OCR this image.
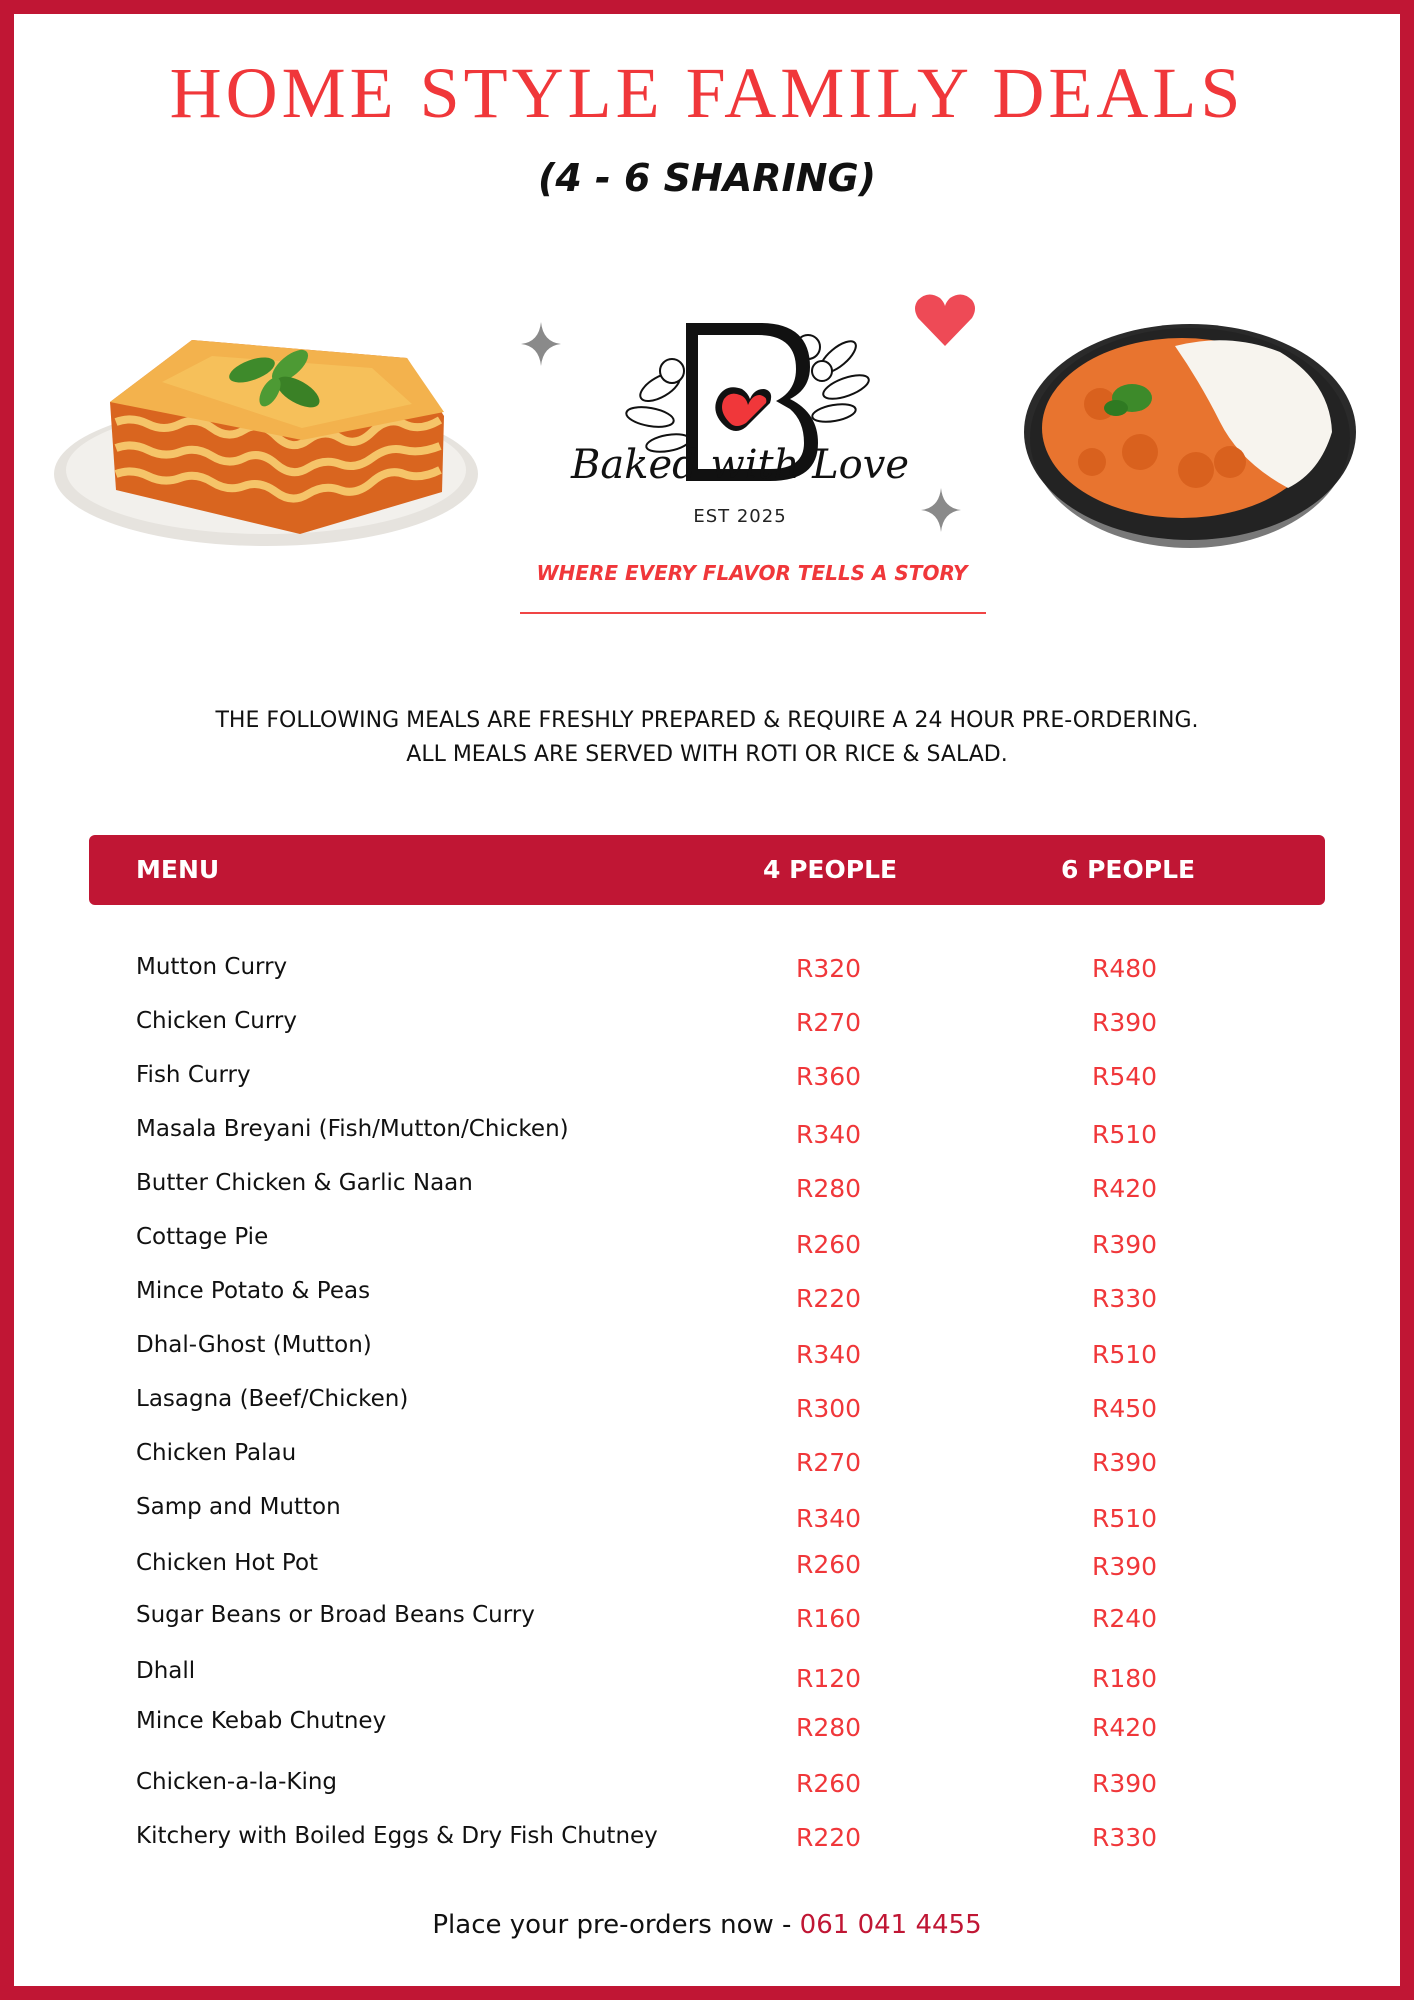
HOME STYLE FAMILY DEALS
(4 - 6 SHARING)
Baked with Love
EST 2025
WHERE EVERY FLAVOR TELLS A STORY
THE FOLLOWING MEALS ARE FRESHLY PREPARED & REQUIRE A 24 HOUR PRE-ORDERING.
ALL MEALS ARE SERVED WITH ROTI OR RICE & SALAD.
MENU	4 PEOPLE	6 PEOPLE
Mutton Curry	R320	R480
Chicken Curry	R270	R390
Fish Curry	R360	R540
Masala Breyani (Fish/Mutton/Chicken)	R340	R510
Butter Chicken & Garlic Naan	R280	R420
Cottage Pie	R260	R390
Mince Potato & Peas	R220	R330
Dhal-Ghost (Mutton)	R340	R510
Lasagna (Beef/Chicken)	R300	R450
Chicken Palau	R270	R390
Samp and Mutton	R340	R510
Chicken Hot Pot	R260	R390
Sugar Beans or Broad Beans Curry	R160	R240
Dhall	R120	R180
Mince Kebab Chutney	R280	R420
Chicken-a-la-King	R260	R390
Kitchery with Boiled Eggs & Dry Fish Chutney	R220	R330
Place your pre-orders now - 061 041 4455
